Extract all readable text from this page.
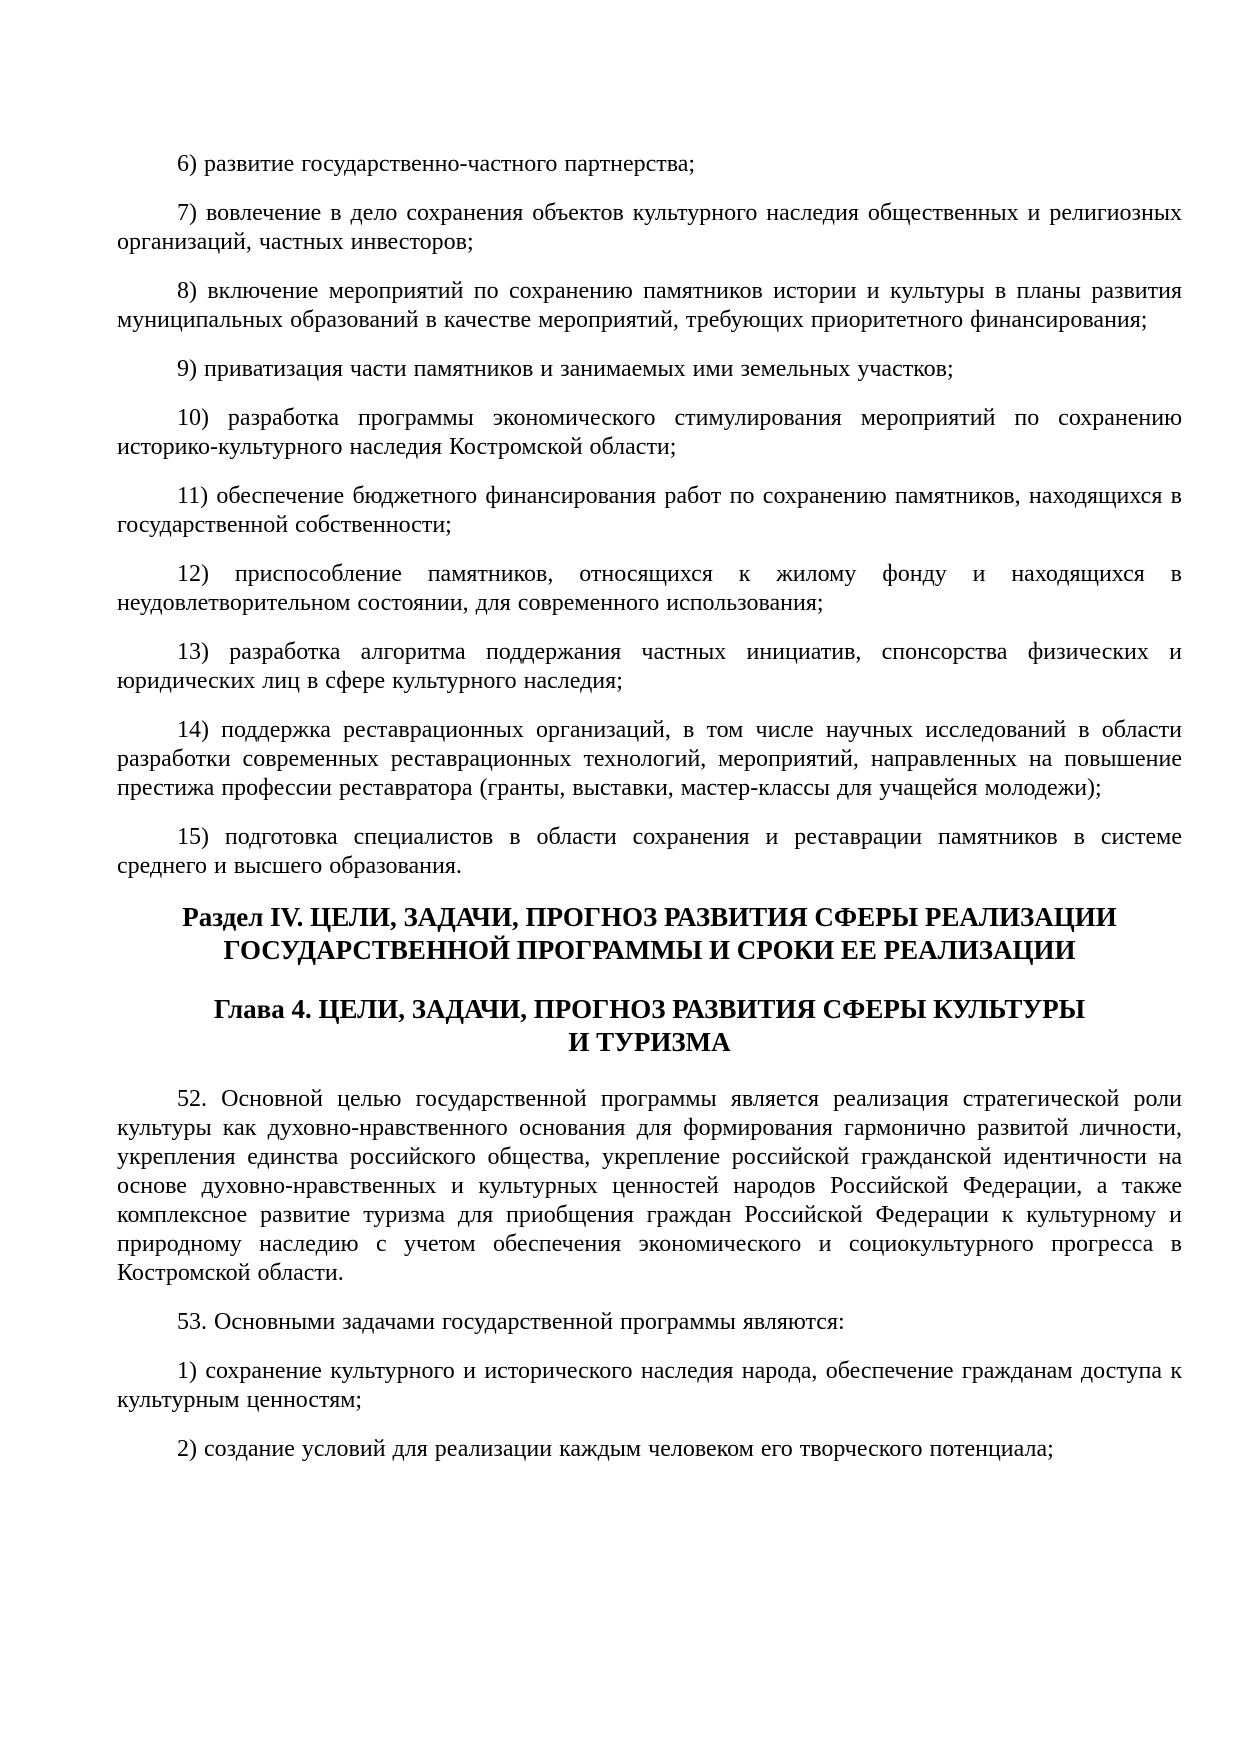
6) развитие государственно-частного партнерства;

7) вовлечение в дело сохранения объектов культурного наследия общественных и религиозных организаций, частных инвесторов;

8) включение мероприятий по сохранению памятников истории и культуры в планы развития муниципальных образований в качестве мероприятий, требующих приоритетного финансирования;

9) приватизация части памятников и занимаемых ими земельных участков;

10) разработка программы экономического стимулирования мероприятий по сохранению историко-культурного наследия Костромской области;

11) обеспечение бюджетного финансирования работ по сохранению памятников, находящихся в государственной собственности;

12) приспособление памятников, относящихся к жилому фонду и находящихся в неудовлетворительном состоянии, для современного использования;

13) разработка алгоритма поддержания частных инициатив, спонсорства физических и юридических лиц в сфере культурного наследия;

14) поддержка реставрационных организаций, в том числе научных исследований в области разработки современных реставрационных технологий, мероприятий, направленных на повышение престижа профессии реставратора (гранты, выставки, мастер-классы для учащейся молодежи);

15) подготовка специалистов в области сохранения и реставрации памятников в системе среднего и высшего образования.

Раздел IV. ЦЕЛИ, ЗАДАЧИ, ПРОГНОЗ РАЗВИТИЯ СФЕРЫ РЕАЛИЗАЦИИ
ГОСУДАРСТВЕННОЙ ПРОГРАММЫ И СРОКИ ЕЕ РЕАЛИЗАЦИИ
Глава 4. ЦЕЛИ, ЗАДАЧИ, ПРОГНОЗ РАЗВИТИЯ СФЕРЫ КУЛЬТУРЫ
И ТУРИЗМА

52. Основной целью государственной программы является реализация стратегической роли культуры как духовно-нравственного основания для формирования гармонично развитой личности, укрепления единства российского общества, укрепление российской гражданской идентичности на основе духовно-нравственных и культурных ценностей народов Российской Федерации, а также комплексное развитие туризма для приобщения граждан Российской Федерации к культурному и природному наследию с учетом обеспечения экономического и социокультурного прогресса в Костромской области.

53. Основными задачами государственной программы являются:

1) сохранение культурного и исторического наследия народа, обеспечение гражданам доступа к культурным ценностям;

2) создание условий для реализации каждым человеком его творческого потенциала;
